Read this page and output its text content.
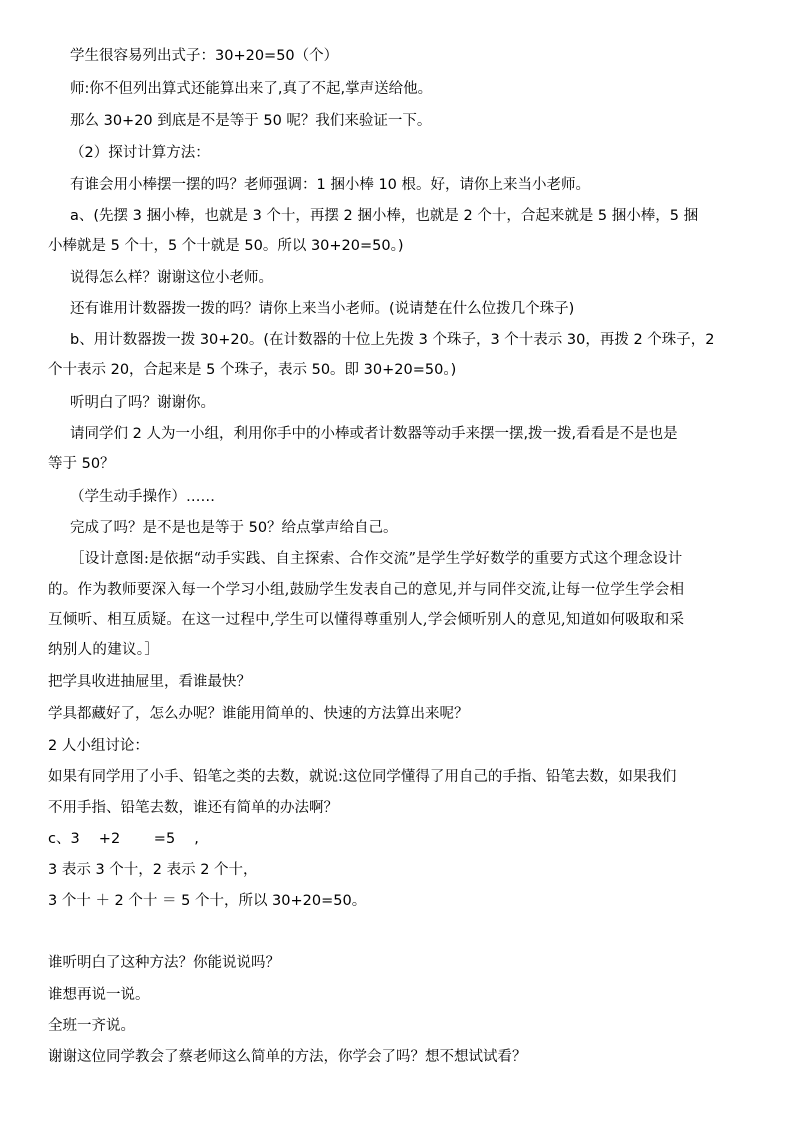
学生很容易列出式子：30+20=50（个）
师:你不但列出算式还能算出来了,真了不起,掌声送给他。
那么 30+20 到底是不是等于 50 呢？我们来验证一下。
（2）探讨计算方法：
有谁会用小棒摆一摆的吗？老师强调：1 捆小棒 10 根。好，请你上来当小老师。
a、(先摆 3 捆小棒，也就是 3 个十，再摆 2 捆小棒，也就是 2 个十，合起来就是 5 捆小棒，5 捆
小棒就是 5 个十，5 个十就是 50。所以 30+20=50。)
说得怎么样？谢谢这位小老师。
还有谁用计数器拨一拨的吗？请你上来当小老师。(说请楚在什么位拨几个珠子)
b、用计数器拨一拨 30+20。(在计数器的十位上先拨 3 个珠子，3 个十表示 30，再拨 2 个珠子，2
个十表示 20，合起来是 5 个珠子，表示 50。即 30+20=50。)
听明白了吗？谢谢你。
请同学们 2 人为一小组，利用你手中的小棒或者计数器等动手来摆一摆,拨一拨,看看是不是也是
等于 50？
（学生动手操作）……
完成了吗？是不是也是等于 50？给点掌声给自己。
［设计意图:是依据“动手实践、自主探索、合作交流”是学生学好数学的重要方式这个理念设计
的。作为教师要深入每一个学习小组,鼓励学生发表自己的意见,并与同伴交流,让每一位学生学会相
互倾听、相互质疑。在这一过程中,学生可以懂得尊重别人,学会倾听别人的意见,知道如何吸取和采
纳别人的建议。］
把学具收进抽屉里，看谁最快？
学具都藏好了，怎么办呢？谁能用简单的、快速的方法算出来呢？
2 人小组讨论：
如果有同学用了小手、铅笔之类的去数，就说:这位同学懂得了用自己的手指、铅笔去数，如果我们
不用手指、铅笔去数，谁还有简单的办法啊？
c、3　 +2　　 =5　 ,
3 表示 3 个十，2 表示 2 个十，
3 个十 ＋ 2 个十 ＝ 5 个十，所以 30+20=50。
谁听明白了这种方法？你能说说吗？
谁想再说一说。
全班一齐说。
谢谢这位同学教会了蔡老师这么简单的方法，你学会了吗？想不想试试看？
